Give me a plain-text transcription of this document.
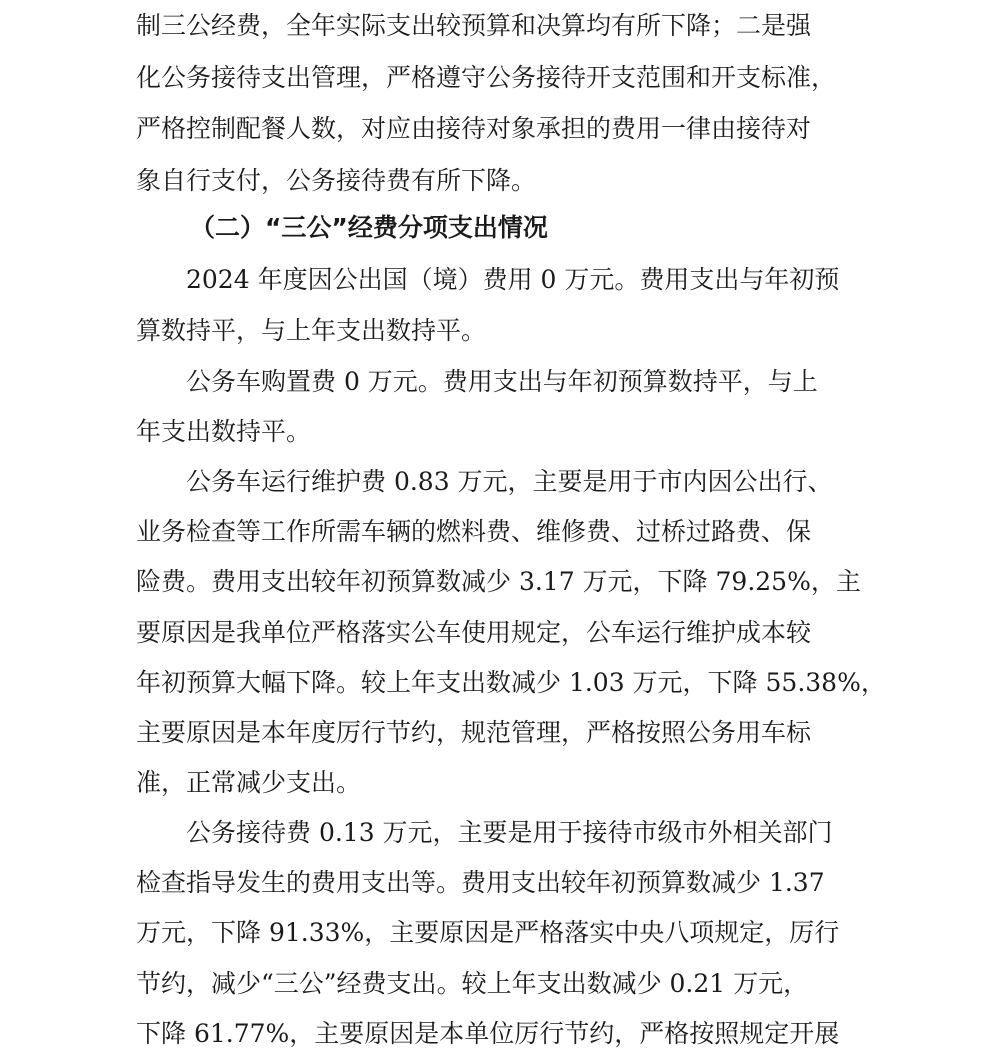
制三公经费，全年实际支出较预算和决算均有所下降；二是强
化公务接待支出管理，严格遵守公务接待开支范围和开支标准，
严格控制配餐人数，对应由接待对象承担的费用一律由接待对
象自行支付，公务接待费有所下降。
（二）“三公”经费分项支出情况
2024 年度因公出国（境）费用 0 万元。费用支出与年初预
算数持平，与上年支出数持平。
公务车购置费 0 万元。费用支出与年初预算数持平，与上
年支出数持平。
公务车运行维护费 0.83 万元，主要是用于市内因公出行、
业务检查等工作所需车辆的燃料费、维修费、过桥过路费、保
险费。费用支出较年初预算数减少 3.17 万元，下降 79.25%，主
要原因是我单位严格落实公车使用规定，公车运行维护成本较
年初预算大幅下降。较上年支出数减少 1.03 万元，下降 55.38%，
主要原因是本年度厉行节约，规范管理，严格按照公务用车标
准，正常减少支出。
公务接待费 0.13 万元，主要是用于接待市级市外相关部门
检查指导发生的费用支出等。费用支出较年初预算数减少 1.37
万元，下降 91.33%，主要原因是严格落实中央八项规定，厉行
节约，减少“三公”经费支出。较上年支出数减少 0.21 万元，
下降 61.77%，主要原因是本单位厉行节约，严格按照规定开展
